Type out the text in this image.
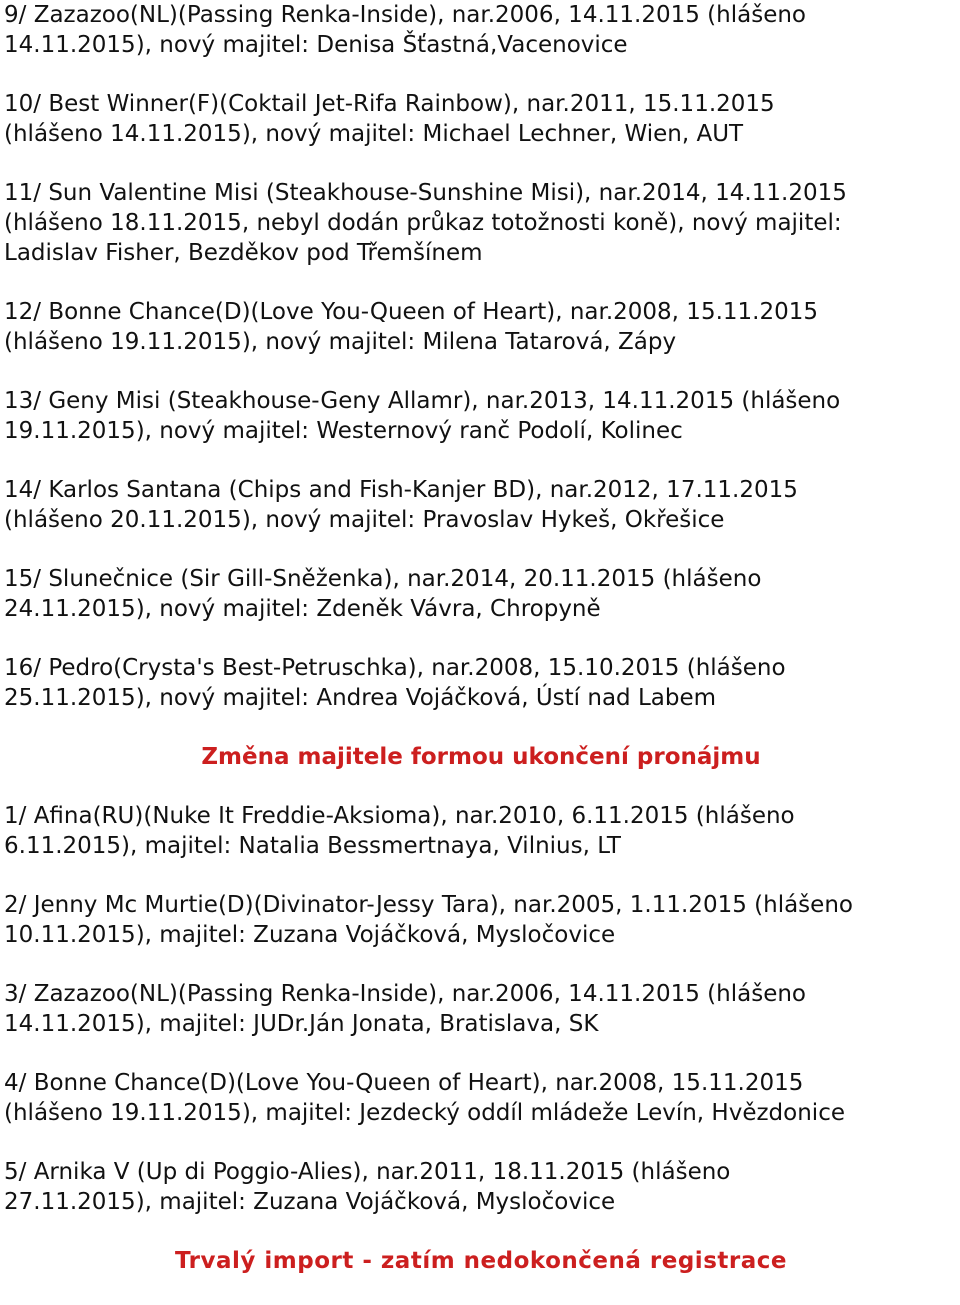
9/ Zazazoo(NL)(Passing Renka-Inside), nar.2006, 14.11.2015 (hlášeno
14.11.2015), nový majitel: Denisa Šťastná,Vacenovice
10/ Best Winner(F)(Coktail Jet-Rifa Rainbow), nar.2011, 15.11.2015
(hlášeno 14.11.2015), nový majitel: Michael Lechner, Wien, AUT
11/ Sun Valentine Misi (Steakhouse-Sunshine Misi), nar.2014, 14.11.2015
(hlášeno 18.11.2015, nebyl dodán průkaz totožnosti koně), nový majitel:
Ladislav Fisher, Bezděkov pod Třemšínem
12/ Bonne Chance(D)(Love You-Queen of Heart), nar.2008, 15.11.2015
(hlášeno 19.11.2015), nový majitel: Milena Tatarová, Zápy
13/ Geny Misi (Steakhouse-Geny Allamr), nar.2013, 14.11.2015 (hlášeno
19.11.2015), nový majitel: Westernový ranč Podolí, Kolinec
14/ Karlos Santana (Chips and Fish-Kanjer BD), nar.2012, 17.11.2015
(hlášeno 20.11.2015), nový majitel: Pravoslav Hykeš, Okřešice
15/ Slunečnice (Sir Gill-Sněženka), nar.2014, 20.11.2015 (hlášeno
24.11.2015), nový majitel: Zdeněk Vávra, Chropyně
16/ Pedro(Crysta's Best-Petruschka), nar.2008, 15.10.2015 (hlášeno
25.11.2015), nový majitel: Andrea Vojáčková, Ústí nad Labem
Změna majitele formou ukončení pronájmu
1/ Afina(RU)(Nuke It Freddie-Aksioma), nar.2010, 6.11.2015 (hlášeno
6.11.2015), majitel: Natalia Bessmertnaya, Vilnius, LT
2/ Jenny Mc Murtie(D)(Divinator-Jessy Tara), nar.2005, 1.11.2015 (hlášeno
10.11.2015), majitel: Zuzana Vojáčková, Mysločovice
3/ Zazazoo(NL)(Passing Renka-Inside), nar.2006, 14.11.2015 (hlášeno
14.11.2015), majitel: JUDr.Ján Jonata, Bratislava, SK
4/ Bonne Chance(D)(Love You-Queen of Heart), nar.2008, 15.11.2015
(hlášeno 19.11.2015), majitel: Jezdecký oddíl mládeže Levín, Hvězdonice
5/ Arnika V (Up di Poggio-Alies), nar.2011, 18.11.2015 (hlášeno
27.11.2015), majitel: Zuzana Vojáčková, Mysločovice
Trvalý import - zatím nedokončená registrace
